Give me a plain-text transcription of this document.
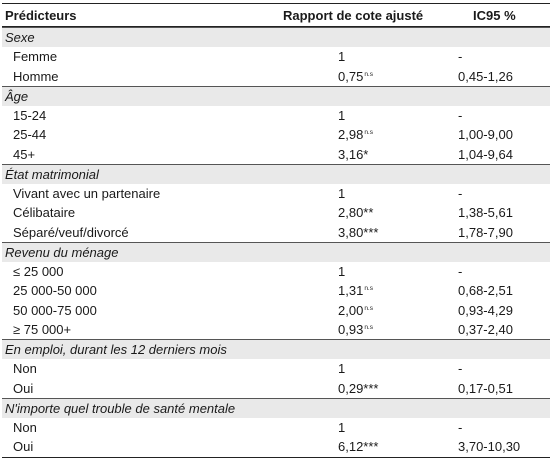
Prédicteurs	Rapport de cote ajusté	IC95 %
Sexe
Femme	1	-
Homme	$0,75^{n.s}$	0,45-1,26
Âge
15-24	1	-
25-44	$2,98^{n.s}$	1,00-9,00
45+	3,16*	1,04-9,64
État matrimonial
Vivant avec un partenaire	1	-
Célibataire	2,80**	1,38-5,61
Séparé/veuf/divorcé	3,80***	1,78-7,90
Revenu du ménage
≤ 25 000	1	-
25 000-50 000	$1,31^{n.s}$	0,68-2,51
50 000-75 000	$2,00^{n.s}$	0,93-4,29
≥ 75 000+	$0,93^{n.s}$	0,37-2,40
En emploi, durant les 12 derniers mois
Non	1	-
Oui	0,29***	0,17-0,51
N'importe quel trouble de santé mentale
Non	1	-
Oui	6,12***	3,70-10,30
